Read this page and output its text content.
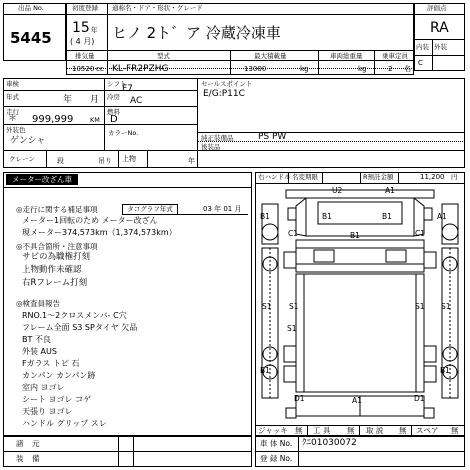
出品 No.
5445
初度登録 通称名・ドア・形状・グレード
15 年
( 4 月) ヒノ 2ト゛ア 冷蔵冷凍車
評価点
RA
内装
C
外装
排気量	型式	最大積載量	車両総重量	乗車定員
10520 cc KL-FR2PZHG	13000	kg	kg	2 名
車検	シフト
F7	セールスポイント
E/G:P11C
年式	年 月 冷房 AC
走行
＊ 999,999	KM
燃料
D
外装色
ゲンシャ
カラーNo.
純正装備品	PS PW
後装品
クレーン	段	吊り 上物	年
メーター改ざん車
◎走行に関する補足事項	タコグラフ年式	03 年 01 月
メーター1回転のため メーター改ざん
現メーター374,573km（1,374,573km）
◎不具合箇所・注意事項
サビの為職権打刻
上物動作未確認
右Rフレーム打刻
◎検査員報告
RNO.1～2クロスメンバ- C穴
フレーム全面 S3 SPタイヤ 欠品
BT 不良
外装 AUS
Fガラス トビ 石
カンパン カンパン跡
室内 ヨゴレ
シート ヨゴレ コゲ
天張り ヨゴレ
ハンドル グリップ スレ
右ハンドル 名変期限	R預託金額	11,200 円
U2	A1
B1	B1	B1	A1
C1	B1	C1
S1 S1	S1 S1
S1
B1	B1
D1	A1	D1
ジャッキ 無 工 具 無 取 説 無 スペア 無
諸 元
装 備
車 体 No. ｸﾆ01030072
登 録 No.
